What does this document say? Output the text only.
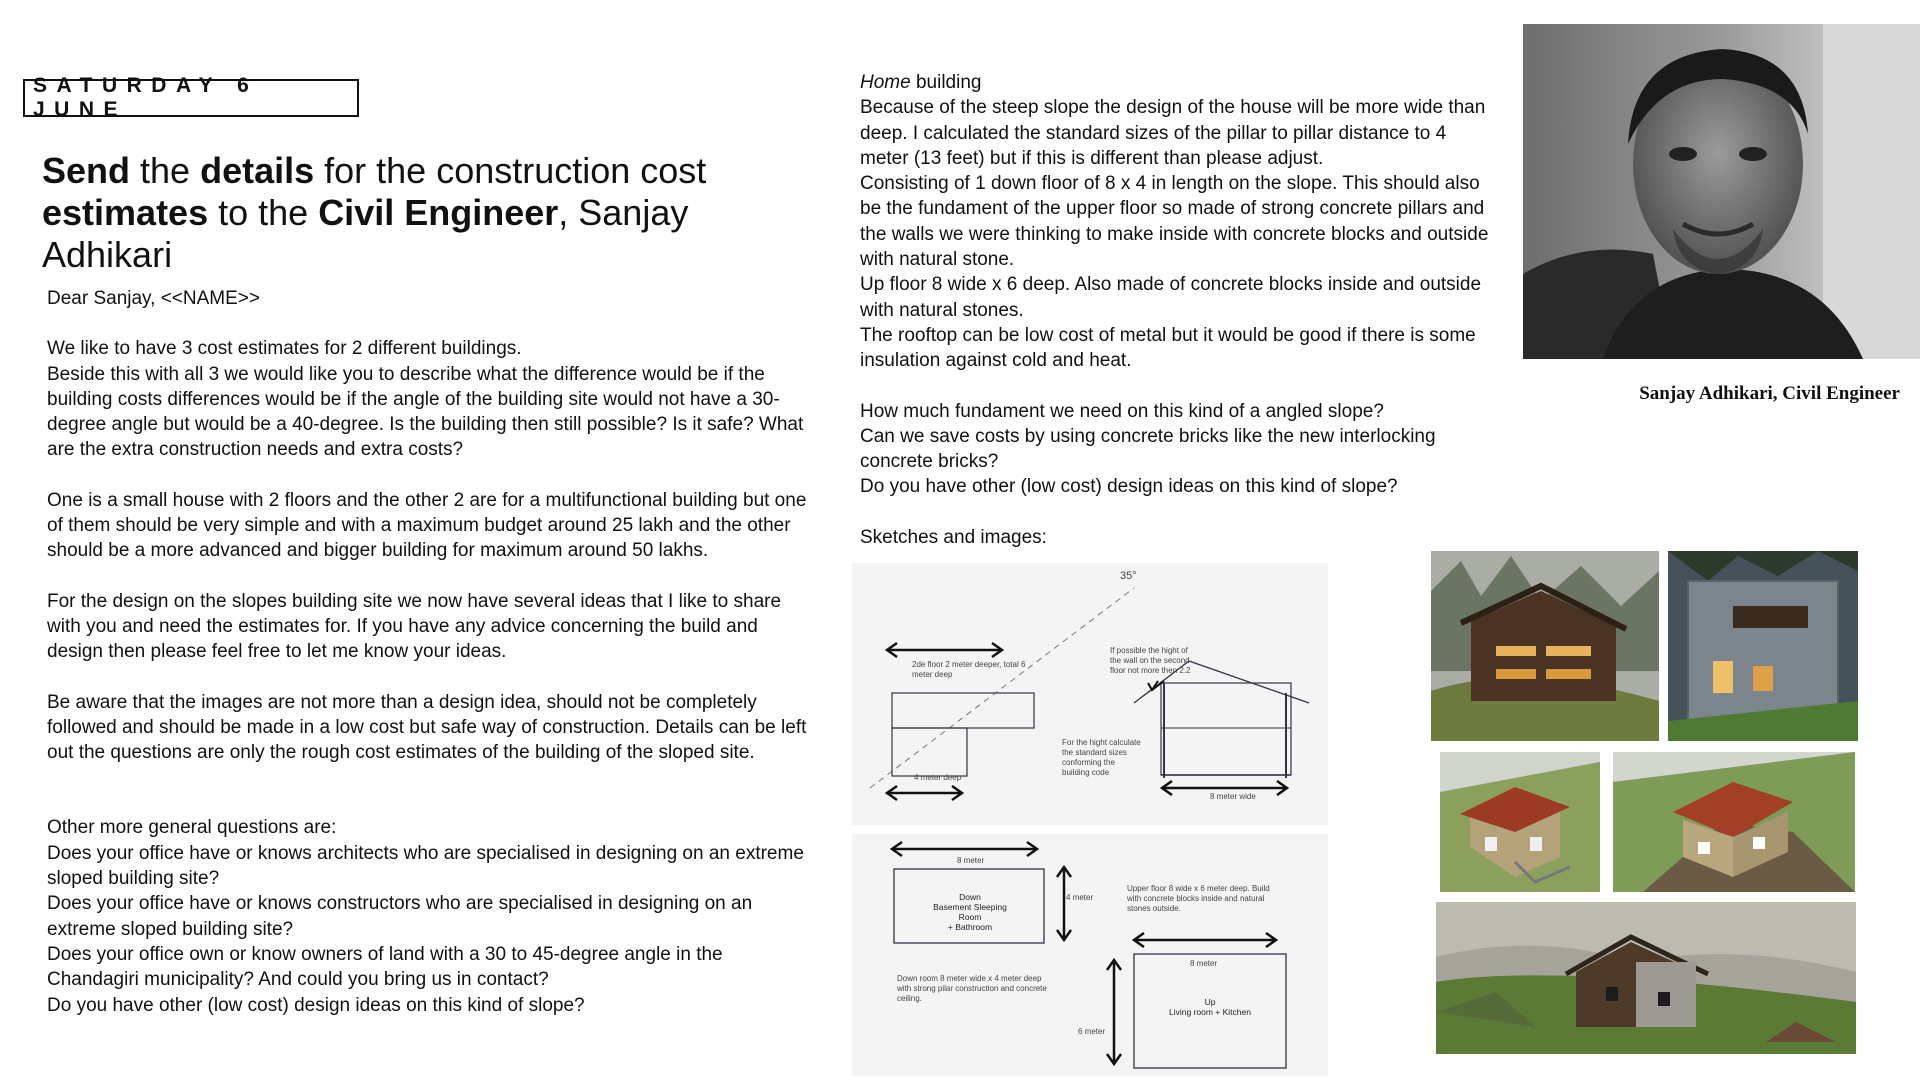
SATURDAY 6 JUNE
Send the details for the construction cost
estimates to the Civil Engineer, Sanjay Adhikari

Dear Sanjay, <<NAME>>

We like to have 3 cost estimates for 2 different buildings.

Beside this with all 3 we would like you to describe what the difference would be if the building costs differences would be if the angle of the building site would not have a 30-degree angle but would be a 40-degree. Is the building then still possible? Is it safe? What are the extra construction needs and extra costs?

One is a small house with 2 floors and the other 2 are for a multifunctional building but one of them should be very simple and with a maximum budget around 25 lakh and the other should be a more advanced and bigger building for maximum around 50 lakhs.

For the design on the slopes building site we now have several ideas that I like to share with you and need the estimates for. If you have any advice concerning the build and design then please feel free to let me know your ideas.

Be aware that the images are not more than a design idea, should not be completely followed and should be made in a low cost but safe way of construction. Details can be left out the questions are only the rough cost estimates of the building of the sloped site.

Other more general questions are:

Does your office have or knows architects who are specialised in designing on an extreme sloped building site?

Does your office have or knows constructors who are specialised in designing on an extreme sloped building site?

Does your office own or know owners of land with a 30 to 45-degree angle in the Chandagiri municipality? And could you bring us in contact?

Do you have other (low cost) design ideas on this kind of slope?

Home building

Because of the steep slope the design of the house will be more wide than deep. I calculated the standard sizes of the pillar to pillar distance to 4 meter (13 feet) but if this is different than please adjust.

Consisting of 1 down floor of 8 x 4 in length on the slope. This should also be the fundament of the upper floor so made of strong concrete pillars and the walls we were thinking to make inside with concrete blocks and outside with natural stone.

Up floor 8 wide x 6 deep. Also made of concrete blocks inside and outside with natural stones.

The rooftop can be low cost of metal but it would be good if there is some insulation against cold and heat.

How much fundament we need on this kind of a angled slope?

Can we save costs by using concrete bricks like the new interlocking concrete bricks?

Do you have other (low cost) design ideas on this kind of slope?

Sketches and images:

Sanjay Adhikari, Civil Engineer
35°
2de floor 2 meter deeper, total 6 meter deep
If possible the hight of the wall on the second floor not more then 2.2
For the hight calculate the standard sizes conforming the building code
4 meter deep
8 meter wide
8 meter
Down
Basement Sleeping Room
+ Bathroom
4 meter
Upper floor 8 wide x 6 meter deep. Build with concrete blocks inside and natural stones outside.
Down room 8 meter wide x 4 meter deep with strong pilar construction and concrete ceiling.
8 meter
Up
Living room + Kitchen
6 meter
